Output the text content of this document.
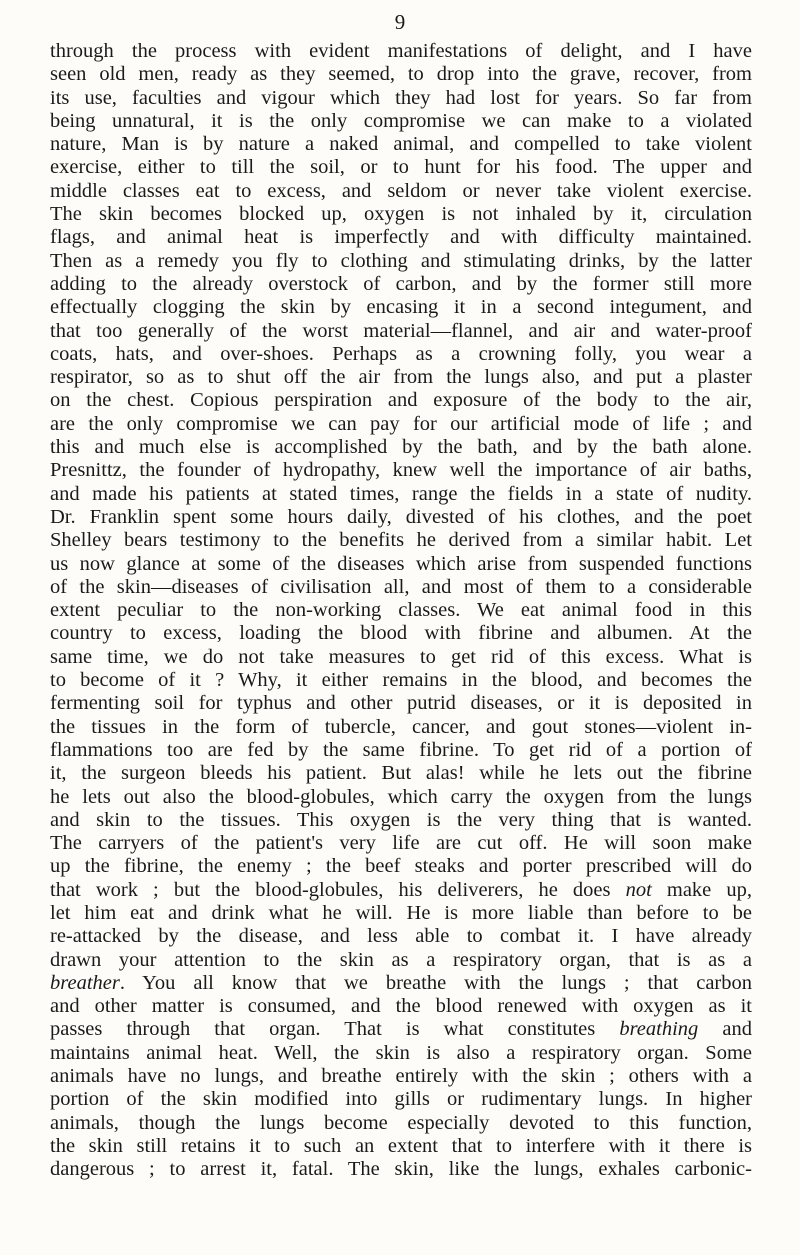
9
through the process with evident manifestations of delight, and I have
seen old men, ready as they seemed, to drop into the grave, recover, from
its use, faculties and vigour which they had lost for years. So far from
being unnatural, it is the only compromise we can make to a violated
nature, Man is by nature a naked animal, and compelled to take violent
exercise, either to till the soil, or to hunt for his food. The upper and
middle classes eat to excess, and seldom or never take violent exercise.
The skin becomes blocked up, oxygen is not inhaled by it, circulation
flags, and animal heat is imperfectly and with difficulty maintained.
Then as a remedy you fly to clothing and stimulating drinks, by the latter
adding to the already overstock of carbon, and by the former still more
effectually clogging the skin by encasing it in a second integument, and
that too generally of the worst material—flannel, and air and water-proof
coats, hats, and over-shoes. Perhaps as a crowning folly, you wear a
respirator, so as to shut off the air from the lungs also, and put a plaster
on the chest. Copious perspiration and exposure of the body to the air,
are the only compromise we can pay for our artificial mode of life ; and
this and much else is accomplished by the bath, and by the bath alone.
Presnittz, the founder of hydropathy, knew well the importance of air baths,
and made his patients at stated times, range the fields in a state of nudity.
Dr. Franklin spent some hours daily, divested of his clothes, and the poet
Shelley bears testimony to the benefits he derived from a similar habit. Let
us now glance at some of the diseases which arise from suspended functions
of the skin—diseases of civilisation all, and most of them to a considerable
extent peculiar to the non-working classes. We eat animal food in this
country to excess, loading the blood with fibrine and albumen. At the
same time, we do not take measures to get rid of this excess. What is
to become of it ? Why, it either remains in the blood, and becomes the
fermenting soil for typhus and other putrid diseases, or it is deposited in
the tissues in the form of tubercle, cancer, and gout stones—violent in-
flammations too are fed by the same fibrine. To get rid of a portion of
it, the surgeon bleeds his patient. But alas! while he lets out the fibrine
he lets out also the blood-globules, which carry the oxygen from the lungs
and skin to the tissues. This oxygen is the very thing that is wanted.
The carryers of the patient's very life are cut off. He will soon make
up the fibrine, the enemy ; the beef steaks and porter prescribed will do
that work ; but the blood-globules, his deliverers, he does not make up,
let him eat and drink what he will. He is more liable than before to be
re-attacked by the disease, and less able to combat it. I have already
drawn your attention to the skin as a respiratory organ, that is as a
breather. You all know that we breathe with the lungs ; that carbon
and other matter is consumed, and the blood renewed with oxygen as it
passes through that organ. That is what constitutes breathing and
maintains animal heat. Well, the skin is also a respiratory organ. Some
animals have no lungs, and breathe entirely with the skin ; others with a
portion of the skin modified into gills or rudimentary lungs. In higher
animals, though the lungs become especially devoted to this function,
the skin still retains it to such an extent that to interfere with it there is
dangerous ; to arrest it, fatal. The skin, like the lungs, exhales carbonic-
